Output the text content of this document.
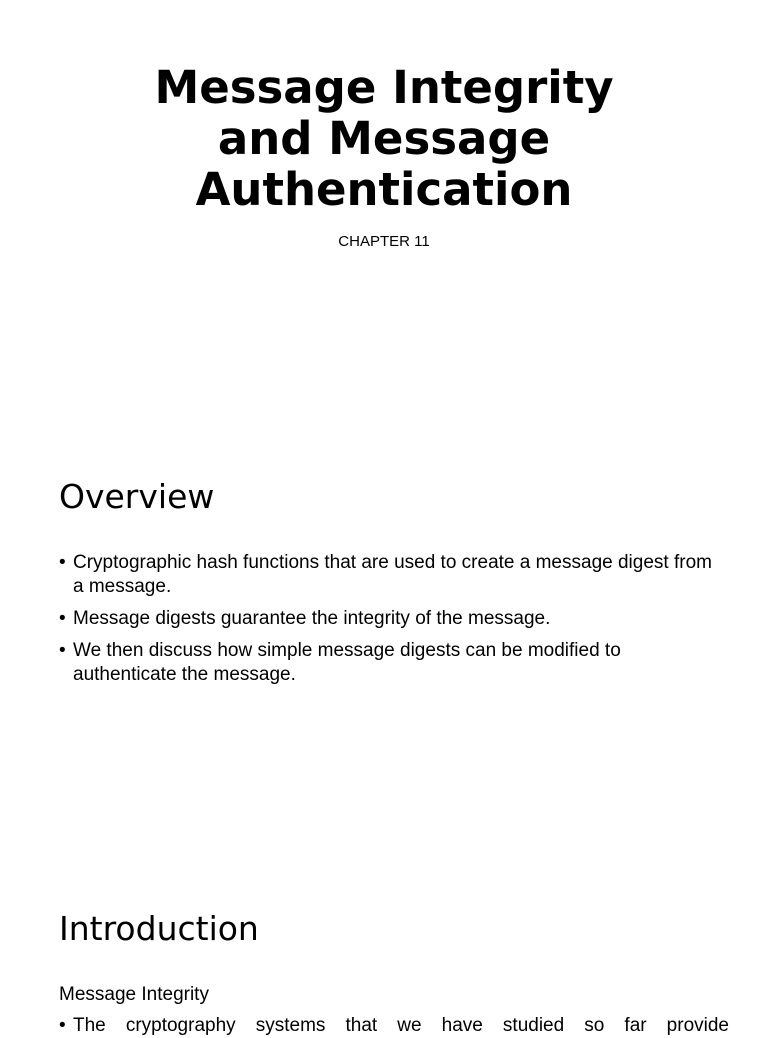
Message Integrity
and Message
Authentication
CHAPTER 11
Overview
• Cryptographic hash functions that are used to create a message digest from a message.
• Message digests guarantee the integrity of the message.
• We then discuss how simple message digests can be modified to authenticate the message.
Introduction
Message Integrity
• The cryptography systems that we have studied so far provide
